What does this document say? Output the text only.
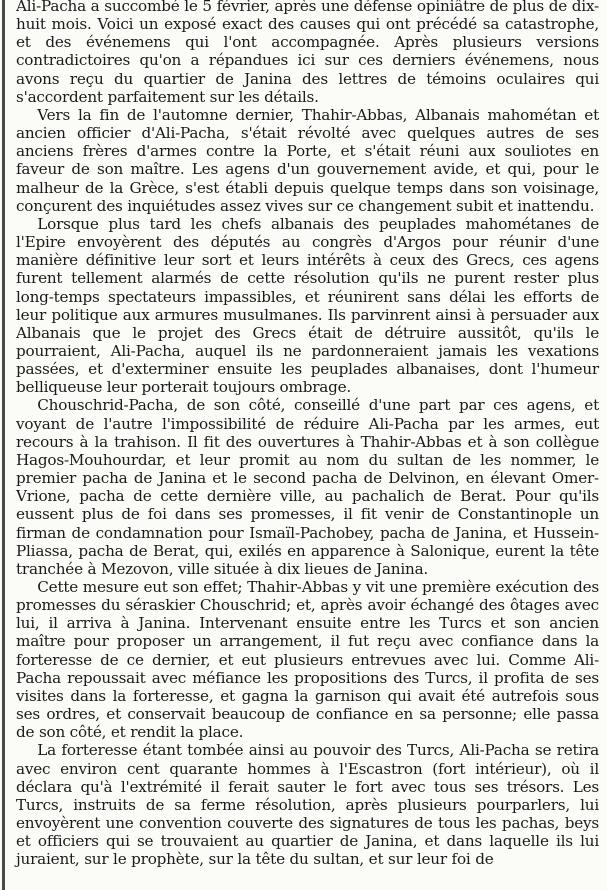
Ali-Pacha a succombé le 5 février, après une défense opiniâtre de plus de dix-huit mois. Voici un exposé exact des causes qui ont précédé sa catastrophe, et des événemens qui l'ont accompagnée. Après plusieurs versions contradictoires qu'on a répandues ici sur ces derniers événemens, nous avons reçu du quartier de Janina des lettres de témoins oculaires qui s'accordent parfaitement sur les détails.

Vers la fin de l'automne dernier, Thahir-Abbas, Albanais mahométan et ancien officier d'Ali-Pacha, s'était révolté avec quelques autres de ses anciens frères d'armes contre la Porte, et s'était réuni aux souliotes en faveur de son maître. Les agens d'un gouvernement avide, et qui, pour le malheur de la Grèce, s'est établi depuis quelque temps dans son voisinage, conçurent des inquiétudes assez vives sur ce changement subit et inattendu.

Lorsque plus tard les chefs albanais des peuplades mahométanes de l'Epire envoyèrent des députés au congrès d'Argos pour réunir d'une manière définitive leur sort et leurs intérêts à ceux des Grecs, ces agens furent tellement alarmés de cette résolution qu'ils ne purent rester plus long-temps spectateurs impassibles, et réunirent sans délai les efforts de leur politique aux armures musulmanes. Ils parvinrent ainsi à persuader aux Albanais que le projet des Grecs était de détruire aussitôt, qu'ils le pourraient, Ali-Pacha, auquel ils ne pardonneraient jamais les vexations passées, et d'exterminer ensuite les peuplades albanaises, dont l'humeur belliqueuse leur porterait toujours ombrage.

Chouschrid-Pacha, de son côté, conseillé d'une part par ces agens, et voyant de l'autre l'impossibilité de réduire Ali-Pacha par les armes, eut recours à la trahison. Il fit des ouvertures à Thahir-Abbas et à son collègue Hagos-Mouhourdar, et leur promit au nom du sultan de les nommer, le premier pacha de Janina et le second pacha de Delvinon, en élevant Omer-Vrione, pacha de cette dernière ville, au pachalich de Berat. Pour qu'ils eussent plus de foi dans ses promesses, il fit venir de Constantinople un firman de condamnation pour Ismaïl-Pachobey, pacha de Janina, et Hussein-Pliassa, pacha de Berat, qui, exilés en apparence à Salonique, eurent la tête tranchée à Mezovon, ville située à dix lieues de Janina.

Cette mesure eut son effet; Thahir-Abbas y vit une première exécution des promesses du séraskier Chouschrid; et, après avoir échangé des ôtages avec lui, il arriva à Janina. Intervenant ensuite entre les Turcs et son ancien maître pour proposer un arrangement, il fut reçu avec confiance dans la forteresse de ce dernier, et eut plusieurs entrevues avec lui. Comme Ali-Pacha repoussait avec méfiance les propositions des Turcs, il profita de ses visites dans la forteresse, et gagna la garnison qui avait été autrefois sous ses ordres, et conservait beaucoup de confiance en sa personne; elle passa de son côté, et rendit la place.

La forteresse étant tombée ainsi au pouvoir des Turcs, Ali-Pacha se retira avec environ cent quarante hommes à l'Escastron (fort intérieur), où il déclara qu'à l'extrémité il ferait sauter le fort avec tous ses trésors. Les Turcs, instruits de sa ferme résolution, après plusieurs pourparlers, lui envoyèrent une convention couverte des signatures de tous les pachas, beys et officiers qui se trouvaient au quartier de Janina, et dans laquelle ils lui juraient, sur le prophète, sur la tête du sultan, et sur leur foi de
